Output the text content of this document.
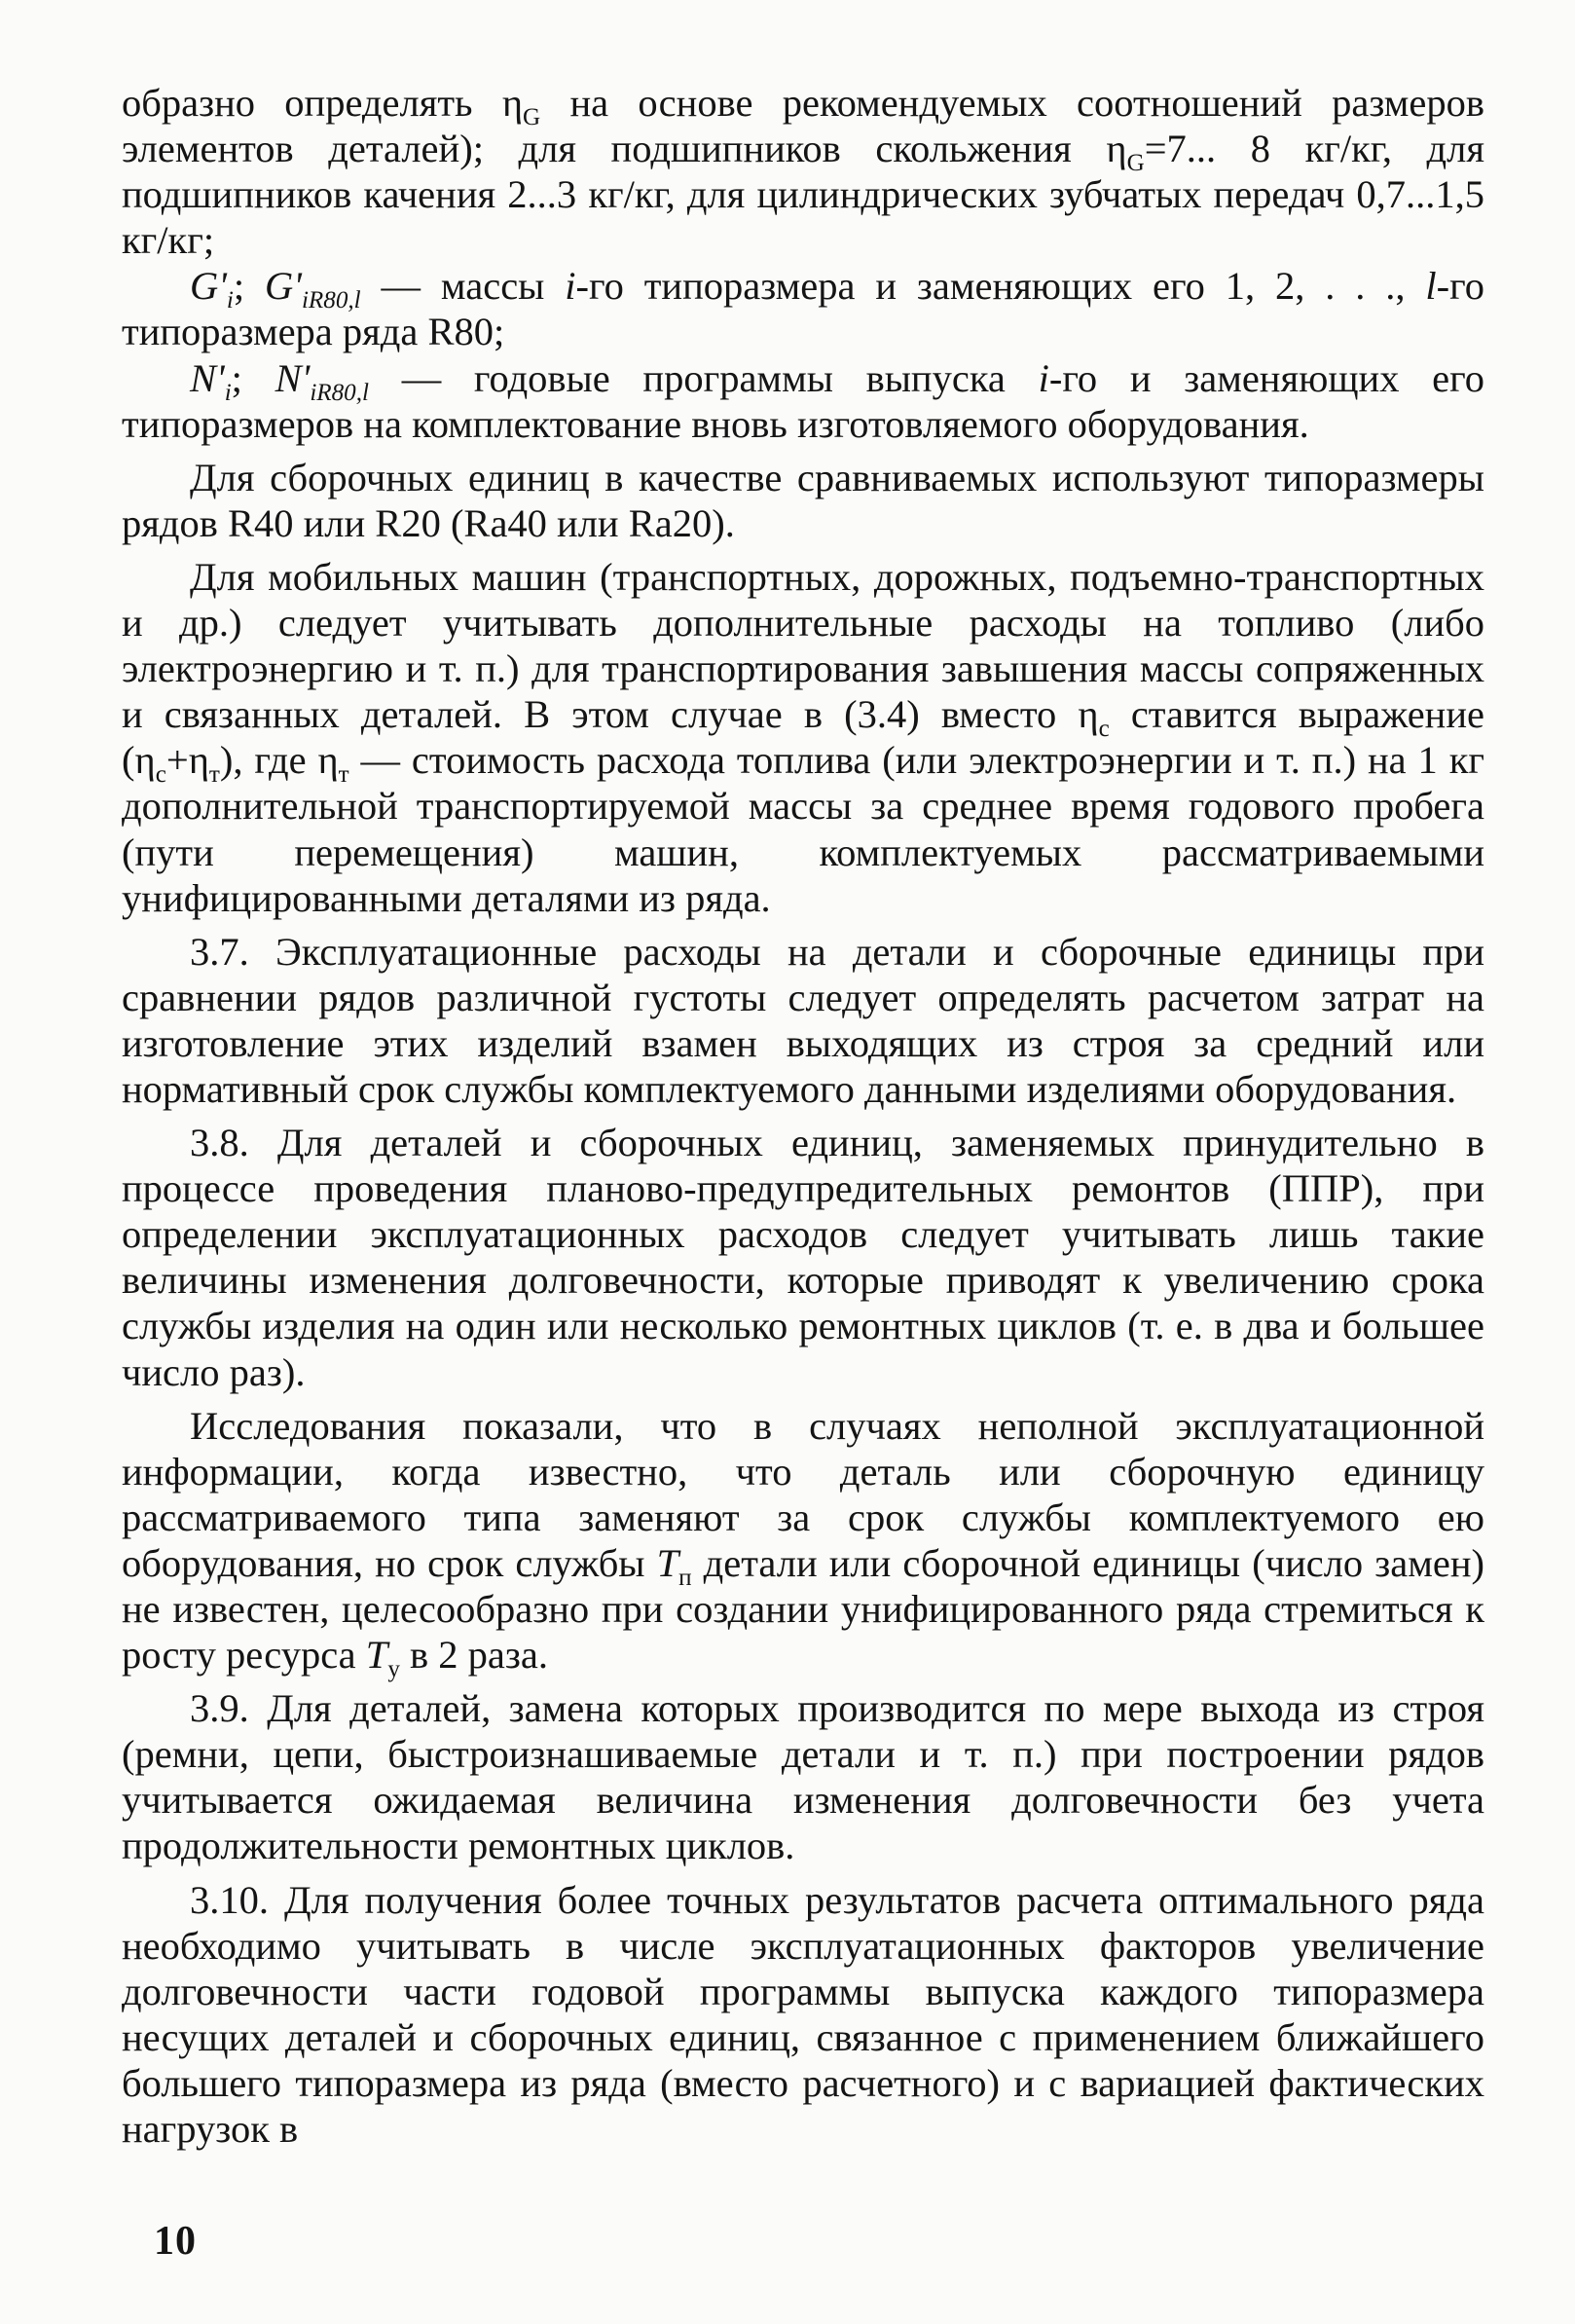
образно определять $\eta_G$ на основе рекомендуемых соотношений размеров элементов деталей); для подшипников скольжения $\eta_G=7$... 8 кг/кг, для подшипников качения 2...3 кг/кг, для цилиндрических зубчатых передач 0,7...1,5 кг/кг;

$G'_i$; $G'_{iR80,l}$ — массы i-го типоразмера и заменяющих его 1, 2, . . ., l-го типоразмера ряда R80;

$N'_i$; $N'_{iR80,l}$ — годовые программы выпуска i-го и заменяющих его типоразмеров на комплектование вновь изготовляемого оборудования.

Для сборочных единиц в качестве сравниваемых используют типоразмеры рядов R40 или R20 (Ra40 или Ra20).

Для мобильных машин (транспортных, дорожных, подъемно-транспортных и др.) следует учитывать дополнительные расходы на топливо (либо электроэнергию и т. п.) для транспортирования завышения массы сопряженных и связанных деталей. В этом случае в (3.4) вместо $\eta_c$ ставится выражение $(\eta_c+\eta_т)$, где $\eta_т$ — стоимость расхода топлива (или электроэнергии и т. п.) на 1 кг дополнительной транспортируемой массы за среднее время годового пробега (пути перемещения) машин, комплектуемых рассматриваемыми унифицированными деталями из ряда.

3.7. Эксплуатационные расходы на детали и сборочные единицы при сравнении рядов различной густоты следует определять расчетом затрат на изготовление этих изделий взамен выходящих из строя за средний или нормативный срок службы комплектуемого данными изделиями оборудования.

3.8. Для деталей и сборочных единиц, заменяемых принудительно в процессе проведения планово-предупредительных ремонтов (ППР), при определении эксплуатационных расходов следует учитывать лишь такие величины изменения долговечности, которые приводят к увеличению срока службы изделия на один или несколько ремонтных циклов (т. е. в два и большее число раз).

Исследования показали, что в случаях неполной эксплуатационной информации, когда известно, что деталь или сборочную единицу рассматриваемого типа заменяют за срок службы комплектуемого ею оборудования, но срок службы $T_п$ детали или сборочной единицы (число замен) не известен, целесообразно при создании унифицированного ряда стремиться к росту ресурса $T_у$ в 2 раза.

3.9. Для деталей, замена которых производится по мере выхода из строя (ремни, цепи, быстроизнашиваемые детали и т. п.) при построении рядов учитывается ожидаемая величина изменения долговечности без учета продолжительности ремонтных циклов.

3.10. Для получения более точных результатов расчета оптимального ряда необходимо учитывать в числе эксплуатационных факторов увеличение долговечности части годовой программы выпуска каждого типоразмера несущих деталей и сборочных единиц, связанное с применением ближайшего большего типоразмера из ряда (вместо расчетного) и с вариацией фактических нагрузок в

10
